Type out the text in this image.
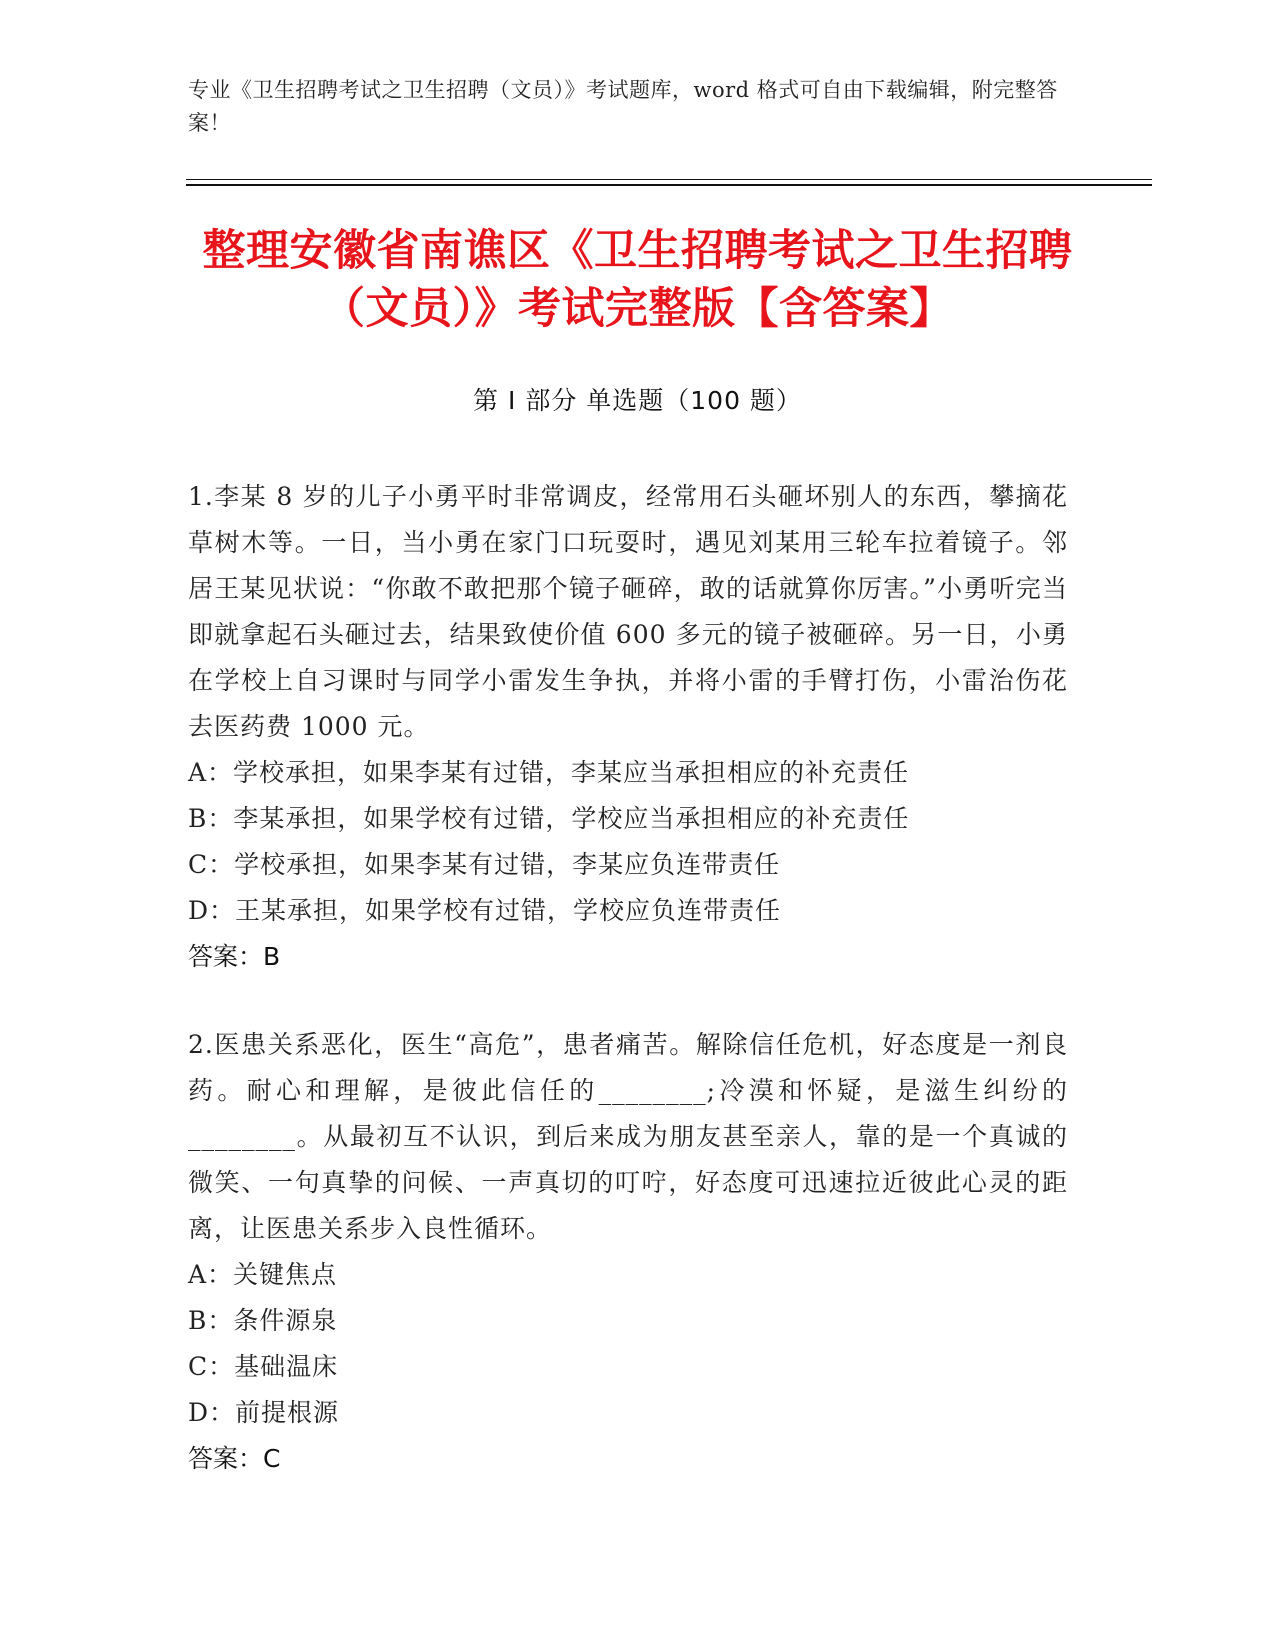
专业《卫生招聘考试之卫生招聘（文员）》考试题库，word 格式可自由下载编辑，附完整答案！
整理安徽省南谯区《卫生招聘考试之卫生招聘（文员）》考试完整版【含答案】
第 I 部分 单选题（100 题）

1.李某 8 岁的儿子小勇平时非常调皮，经常用石头砸坏别人的东西，攀摘花草树木等。一日，当小勇在家门口玩耍时，遇见刘某用三轮车拉着镜子。邻居王某见状说：“你敢不敢把那个镜子砸碎，敢的话就算你厉害。”小勇听完当即就拿起石头砸过去，结果致使价值 600 多元的镜子被砸碎。另一日，小勇在学校上自习课时与同学小雷发生争执，并将小雷的手臂打伤，小雷治伤花去医药费 1000 元。

A：学校承担，如果李某有过错，李某应当承担相应的补充责任
B：李某承担，如果学校有过错，学校应当承担相应的补充责任
C：学校承担，如果李某有过错，李某应负连带责任
D：王某承担，如果学校有过错，学校应负连带责任
答案：B

2.医患关系恶化，医生“高危”，患者痛苦。解除信任危机，好态度是一剂良药。耐心和理解，是彼此信任的________;冷漠和怀疑，是滋生纠纷的________。从最初互不认识，到后来成为朋友甚至亲人，靠的是一个真诚的微笑、一句真挚的问候、一声真切的叮咛，好态度可迅速拉近彼此心灵的距离，让医患关系步入良性循环。

A：关键焦点
B：条件源泉
C：基础温床
D：前提根源
答案：C
